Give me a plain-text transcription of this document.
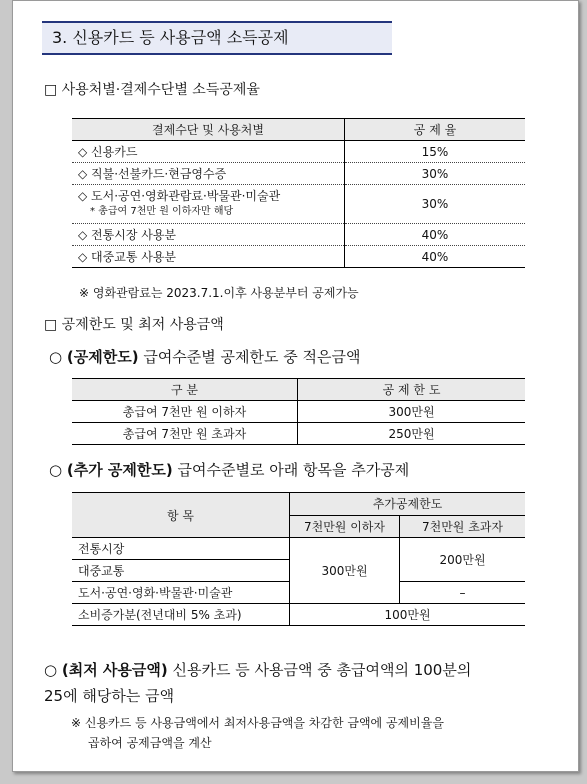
3. 신용카드 등 사용금액 소득공제
□ 사용처별·결제수단별 소득공제율
결제수단 및 사용처별	공 제 율
◇ 신용카드	15%
◇ 직불·선불카드·현금영수증	30%

◇ 도서·공연·영화관람료·박물관·미술관
* 총급여 7천만 원 이하자만 해당	30%
◇ 전통시장 사용분	40%
◇ 대중교통 사용분	40%
※ 영화관람료는 2023.7.1.이후 사용분부터 공제가능
□ 공제한도 및 최저 사용금액
○ (공제한도) 급여수준별 공제한도 중 적은금액
구 분	공 제 한 도
총급여 7천만 원 이하자	300만원
총급여 7천만 원 초과자	250만원
○ (추가 공제한도) 급여수준별로 아래 항목을 추가공제
항 목	추가공제한도	
	7천만원 이하자	7천만원 초과자
전통시장	300만원	200만원
대중교통		
도서·공연·영화·박물관·미술관		–
소비증가분(전년대비 5% 초과)	100만원	
○ (최저 사용금액) 신용카드 등 사용금액 중 총급여액의 100분의
25에 해당하는 금액
※ 신용카드 등 사용금액에서 최저사용금액을 차감한 금액에 공제비율을
곱하여 공제금액을 계산
